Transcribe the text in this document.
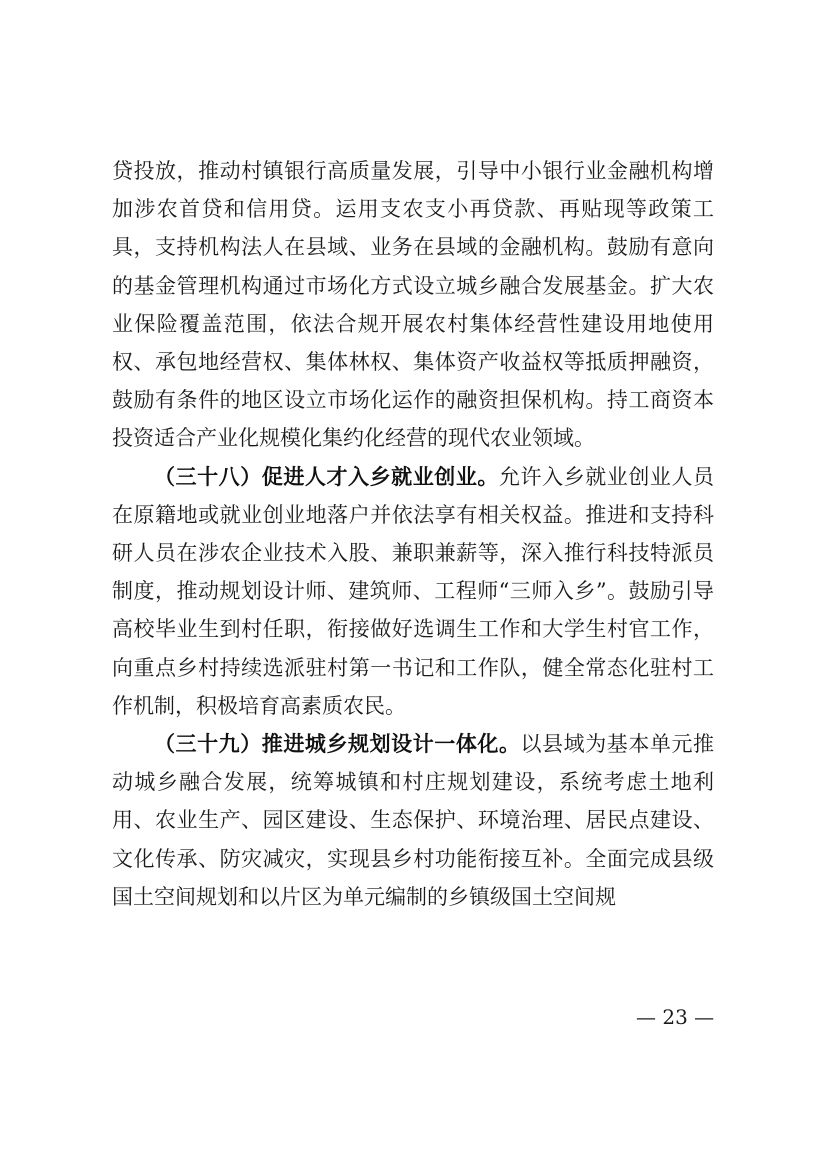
贷投放，推动村镇银行高质量发展，引导中小银行业金融机构增加涉农首贷和信用贷。运用支农支小再贷款、再贴现等政策工具，支持机构法人在县域、业务在县域的金融机构。鼓励有意向的基金管理机构通过市场化方式设立城乡融合发展基金。扩大农业保险覆盖范围，依法合规开展农村集体经营性建设用地使用权、承包地经营权、集体林权、集体资产收益权等抵质押融资，鼓励有条件的地区设立市场化运作的融资担保机构。持工商资本投资适合产业化规模化集约化经营的现代农业领域。

（三十八）促进人才入乡就业创业。允许入乡就业创业人员在原籍地或就业创业地落户并依法享有相关权益。推进和支持科研人员在涉农企业技术入股、兼职兼薪等，深入推行科技特派员制度，推动规划设计师、建筑师、工程师“三师入乡”。鼓励引导高校毕业生到村任职，衔接做好选调生工作和大学生村官工作，向重点乡村持续选派驻村第一书记和工作队，健全常态化驻村工作机制，积极培育高素质农民。

（三十九）推进城乡规划设计一体化。以县域为基本单元推动城乡融合发展，统筹城镇和村庄规划建设，系统考虑土地利用、农业生产、园区建设、生态保护、环境治理、居民点建设、文化传承、防灾减灾，实现县乡村功能衔接互补。全面完成县级国土空间规划和以片区为单元编制的乡镇级国土空间规

— 23 —
